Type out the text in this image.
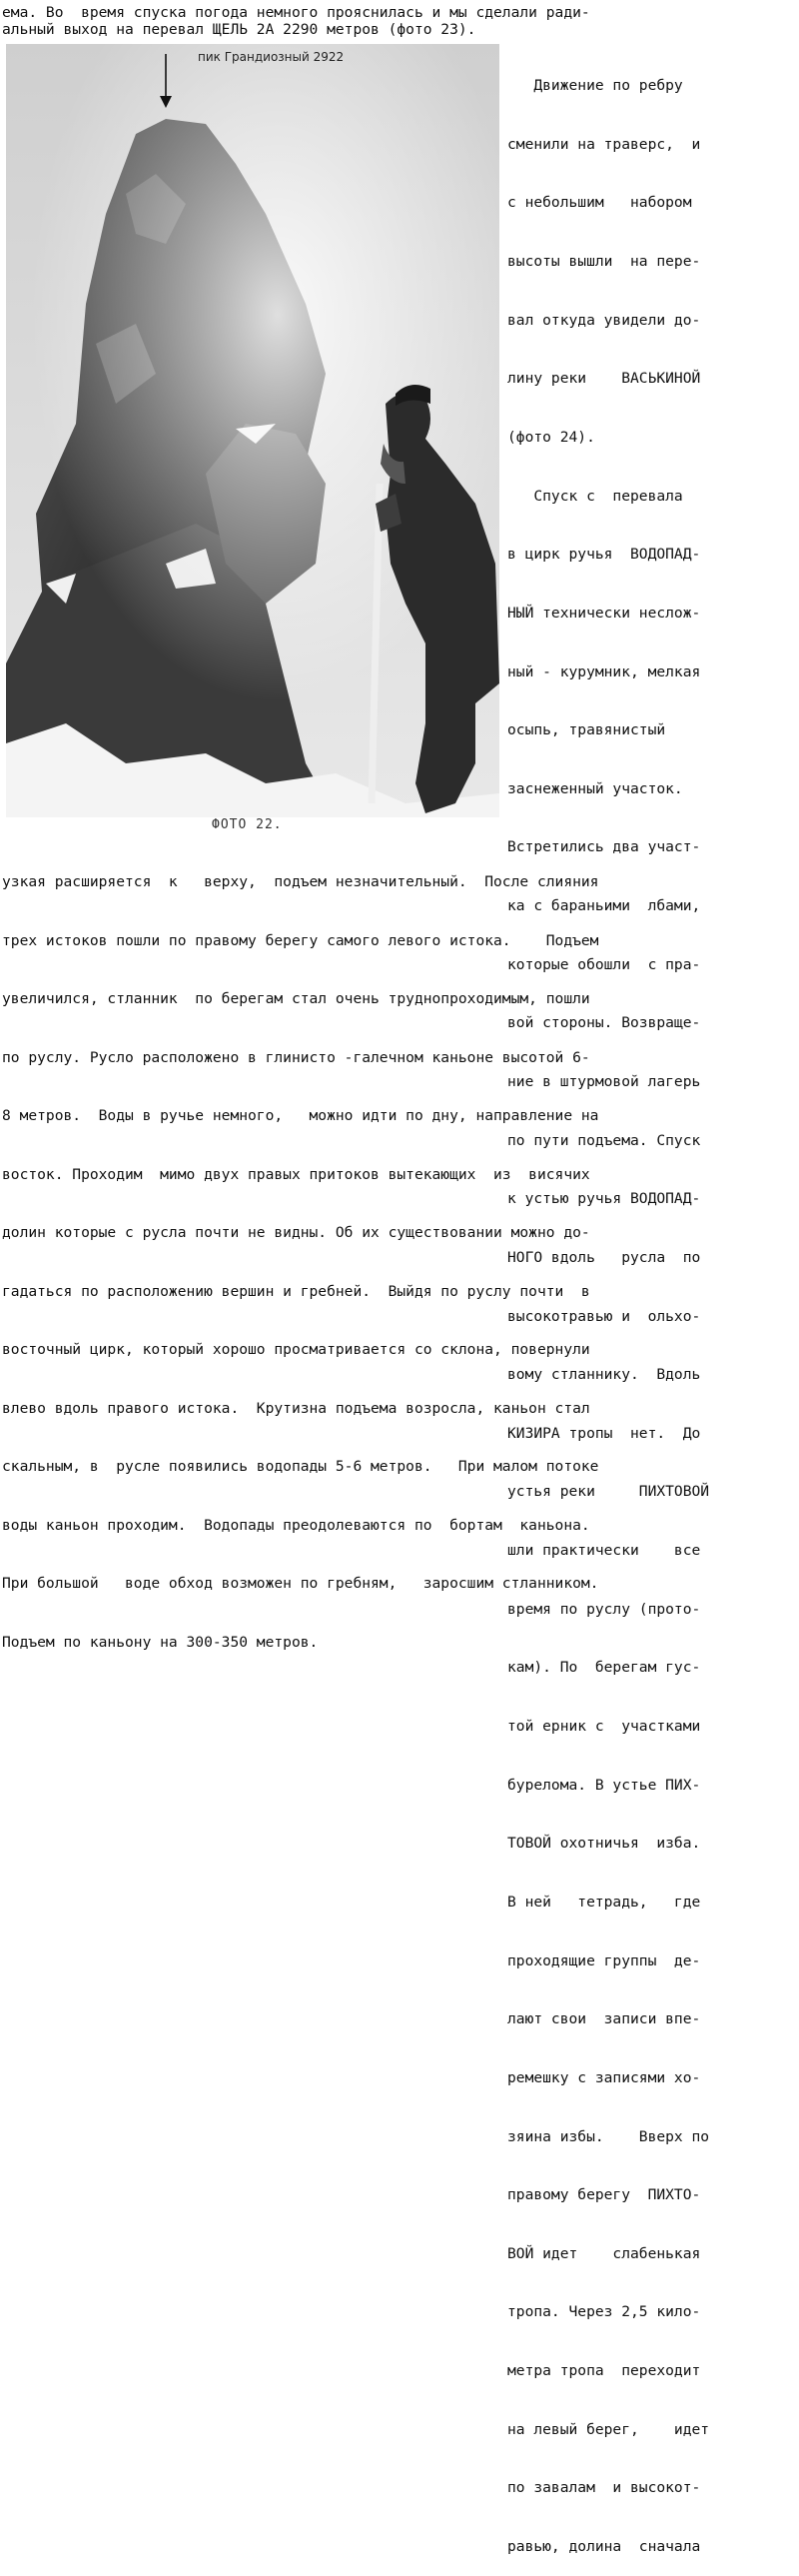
ема. Во  время спуска погода немного прояснилась и мы сделали ради-
альный выход на перевал ЩЕЛЬ 2А 2290 метров (фото 23).
пик Грандиозный 2922
ФОТО 22.

Движение по ребру

сменили на траверс,  и

с небольшим   набором

высоты вышли  на пере-

вал откуда увидели до-

лину реки    ВАСЬКИНОЙ

(фото 24).

Спуск с  перевала

в цирк ручья  ВОДОПАД-

НЫЙ технически неслож-

ный - курумник, мелкая

осыпь, травянистый

заснеженный участок.

Встретились два участ-

ка с бараньими  лбами,

которые обошли  с пра-

вой стороны. Возвраще-

ние в штурмовой лагерь

по пути подъема. Спуск

к устью ручья ВОДОПАД-

НОГО вдоль   русла  по

высокотравью и  ольхо-

вому стланнику.  Вдоль

КИЗИРА тропы  нет.  До

устья реки     ПИХТОВОЙ

шли практически    все

время по руслу (прото-

кам). По  берегам гус-

той ерник с  участками

бурелома. В устье ПИХ-

ТОВОЙ охотничья  изба.

В ней   тетрадь,   где

проходящие группы  де-

лают свои  записи впе-

ремешку с записями хо-

зяина избы.    Вверх по

правому берегу  ПИХТО-

ВОЙ идет    слабенькая

тропа. Через 2,5 кило-

метра тропа  переходит

на левый берег,    идет

по завалам  и высокот-

равью, долина  сначала

узкая расширяется  к   верху,  подъем незначительный.  После слияния

трех истоков пошли по правому берегу самого левого истока.    Подъем

увеличился, стланник  по берегам стал очень труднопроходимым, пошли

по руслу. Русло расположено в глинисто -галечном каньоне высотой 6-

8 метров.  Воды в ручье немного,   можно идти по дну, направление на

восток. Проходим  мимо двух правых притоков вытекающих  из  висячих

долин которые с русла почти не видны. Об их существовании можно до-

гадаться по расположению вершин и гребней.  Выйдя по руслу почти  в

восточный цирк, который хорошо просматривается со склона, повернули

влево вдоль правого истока.  Крутизна подъема возросла, каньон стал

скальным, в  русле появились водопады 5-6 метров.   При малом потоке

воды каньон проходим.  Водопады преодолеваются по  бортам  каньона.

При большой   воде обход возможен по гребням,   заросшим стланником.

Подъем по каньону на 300-350 метров.
